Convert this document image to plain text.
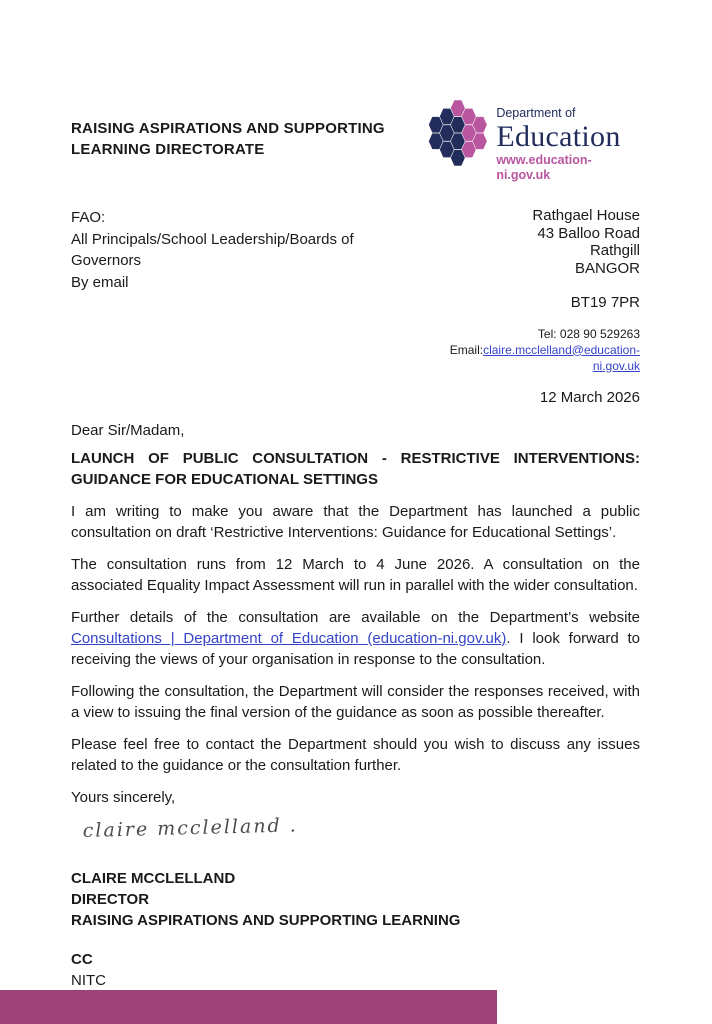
RAISING ASPIRATIONS AND SUPPORTING LEARNING DIRECTORATE
Department of
Education
www.education-ni.gov.uk
FAO:
All Principals/School Leadership/Boards of Governors
By email
Rathgael House
43 Balloo Road
Rathgill
BANGOR
BT19 7PR
Tel: 028 90 529263
Email:claire.mcclelland@education-ni.gov.uk
12 March 2026
Dear Sir/Madam,
LAUNCH OF PUBLIC CONSULTATION - RESTRICTIVE INTERVENTIONS: GUIDANCE FOR EDUCATIONAL SETTINGS

I am writing to make you aware that the Department has launched a public consultation on draft ‘Restrictive Interventions: Guidance for Educational Settings’.

The consultation runs from 12 March to 4 June 2026. A consultation on the associated Equality Impact Assessment will run in parallel with the wider consultation.

Further details of the consultation are available on the Department’s website Consultations | Department of Education (education-ni.gov.uk). I look forward to receiving the views of your organisation in response to the consultation.

Following the consultation, the Department will consider the responses received, with a view to issuing the final version of the guidance as soon as possible thereafter.

Please feel free to contact the Department should you wish to discuss any issues related to the guidance or the consultation further.

Yours sincerely,
claire mcclelland .
CLAIRE MCCLELLAND
DIRECTOR
RAISING ASPIRATIONS AND SUPPORTING LEARNING
CC
NITC
